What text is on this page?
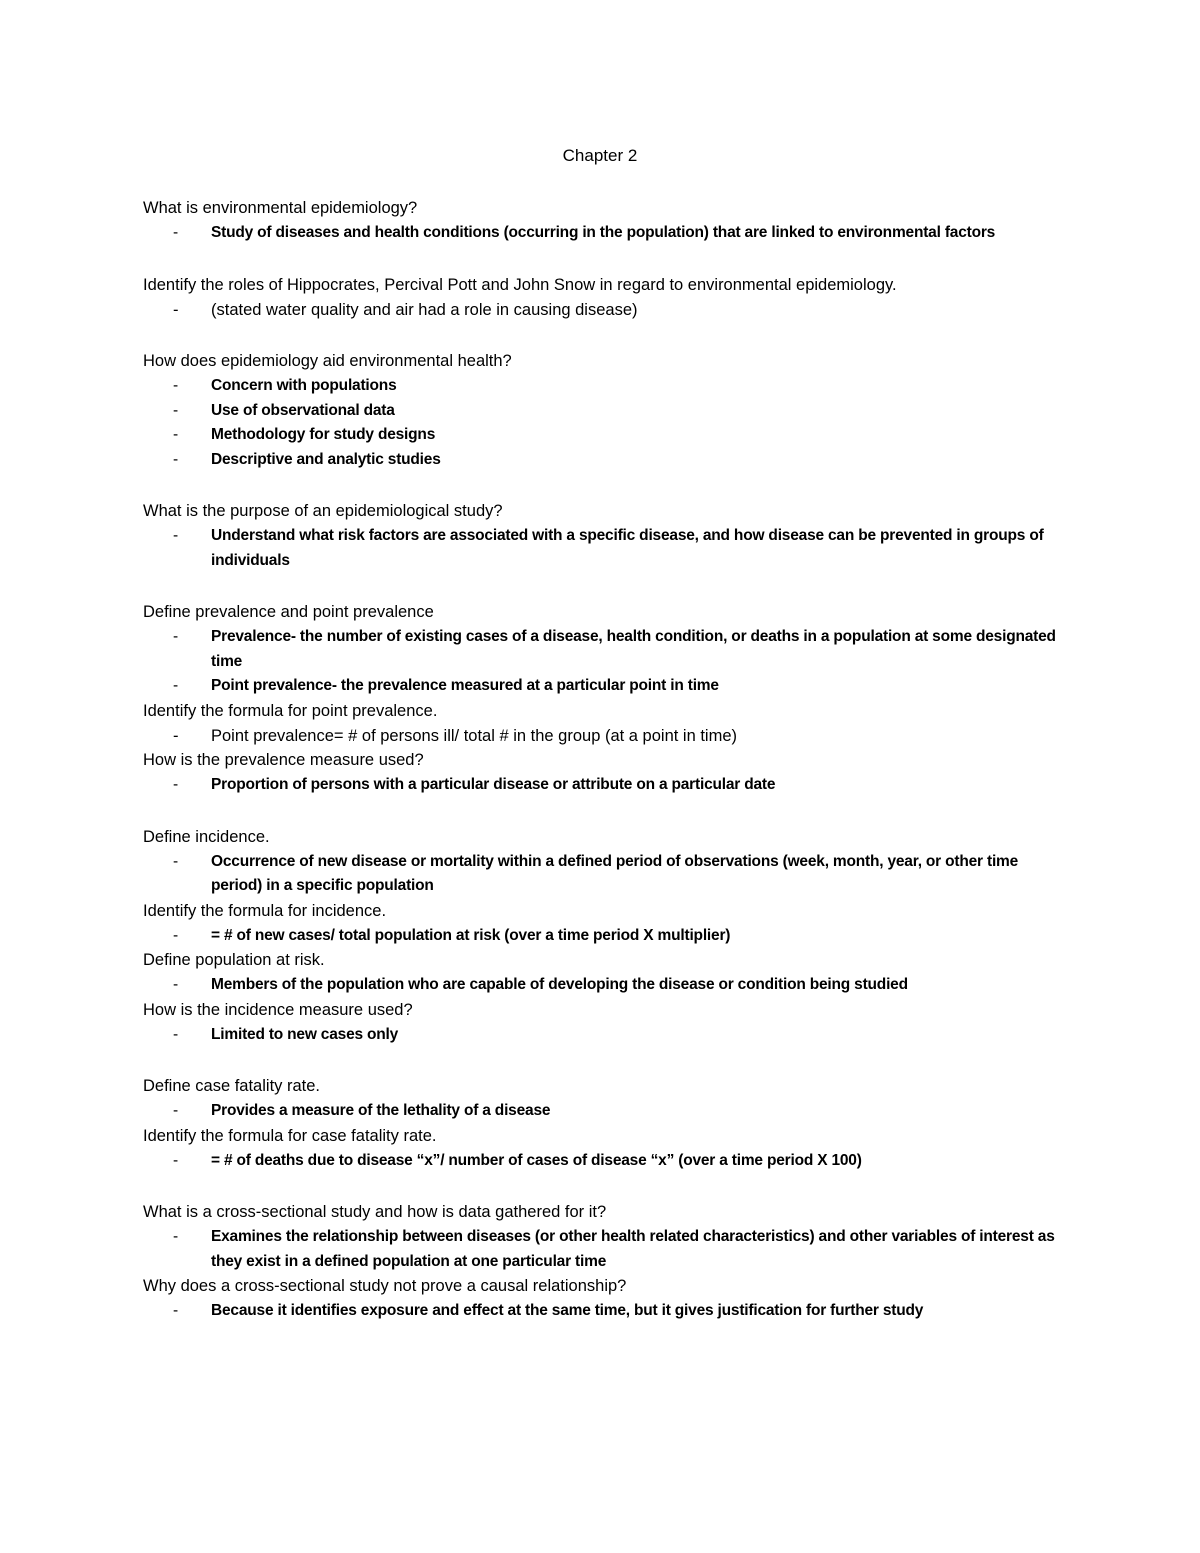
Chapter 2
What is environmental epidemiology?
- Study of diseases and health conditions (occurring in the population) that are linked to environmental factors
Identify the roles of Hippocrates, Percival Pott and John Snow in regard to environmental epidemiology.
- (stated water quality and air had a role in causing disease)
How does epidemiology aid environmental health?
- Concern with populations
- Use of observational data
- Methodology for study designs
- Descriptive and analytic studies
What is the purpose of an epidemiological study?
- Understand what risk factors are associated with a specific disease, and how disease can be prevented in groups of individuals
Define prevalence and point prevalence
- Prevalence- the number of existing cases of a disease, health condition, or deaths in a population at some designated time
- Point prevalence- the prevalence measured at a particular point in time
Identify the formula for point prevalence.
- Point prevalence= # of persons ill/ total # in the group (at a point in time)
How is the prevalence measure used?
- Proportion of persons with a particular disease or attribute on a particular date
Define incidence.
- Occurrence of new disease or mortality within a defined period of observations (week, month, year, or other time period) in a specific population
Identify the formula for incidence.
- = # of new cases/ total population at risk (over a time period X multiplier)
Define population at risk.
- Members of the population who are capable of developing the disease or condition being studied
How is the incidence measure used?
- Limited to new cases only
Define case fatality rate.
- Provides a measure of the lethality of a disease
Identify the formula for case fatality rate.
- = # of deaths due to disease “x”/ number of cases of disease “x” (over a time period X 100)
What is a cross-sectional study and how is data gathered for it?
- Examines the relationship between diseases (or other health related characteristics) and other variables of interest as they exist in a defined population at one particular time
Why does a cross-sectional study not prove a causal relationship?
- Because it identifies exposure and effect at the same time, but it gives justification for further study
